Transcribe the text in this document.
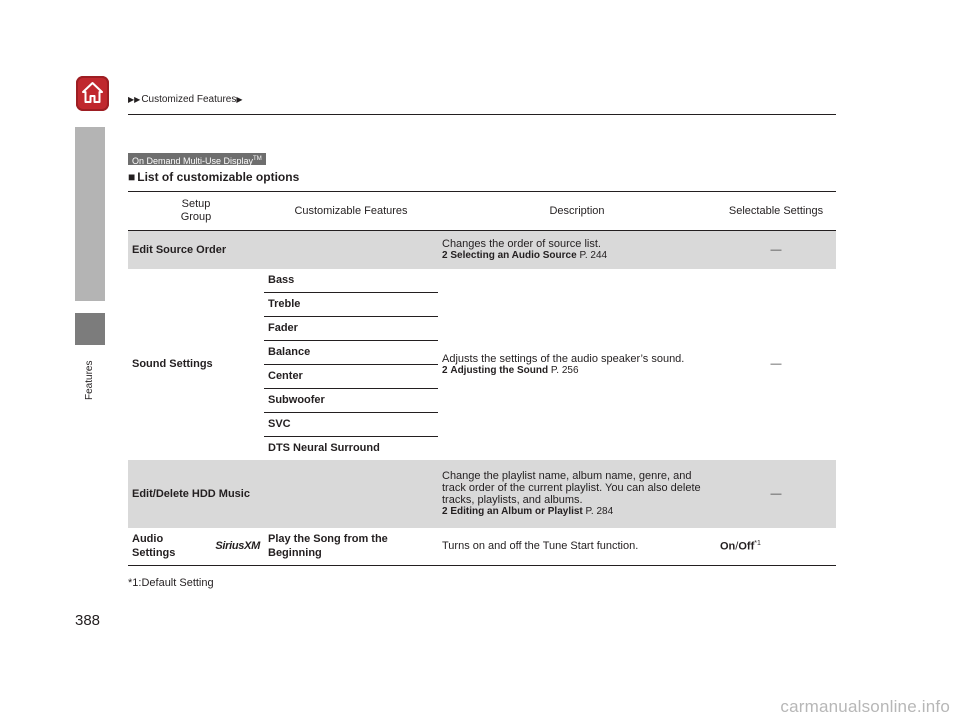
▶▶Customized Features▶
Features
On Demand Multi-Use Display™
■ List of customizable options
Setup
Group	Customizable Features	Description	Selectable Settings
Edit Source Order		Changes the order of source list.
2 Selecting an Audio Source P. 244	—
Sound Settings	Bass	Adjusts the settings of the audio speaker’s sound.
2 Adjusting the Sound P. 256	—
	Treble		
	Fader		
	Balance		
	Center		
	Subwoofer		
	SVC		
	DTS Neural Surround		
Edit/Delete HDD Music		Change the playlist name, album name, genre, and track order of the current playlist. You can also delete tracks, playlists, and albums.
2 Editing an Album or Playlist P. 284	—

Audio Settings
SiriusXM	Play the Song from the Beginning	Turns on and off the Tune Start function.	On/Off$^{*1}$
*1:Default Setting
388
carmanualsonline.info
